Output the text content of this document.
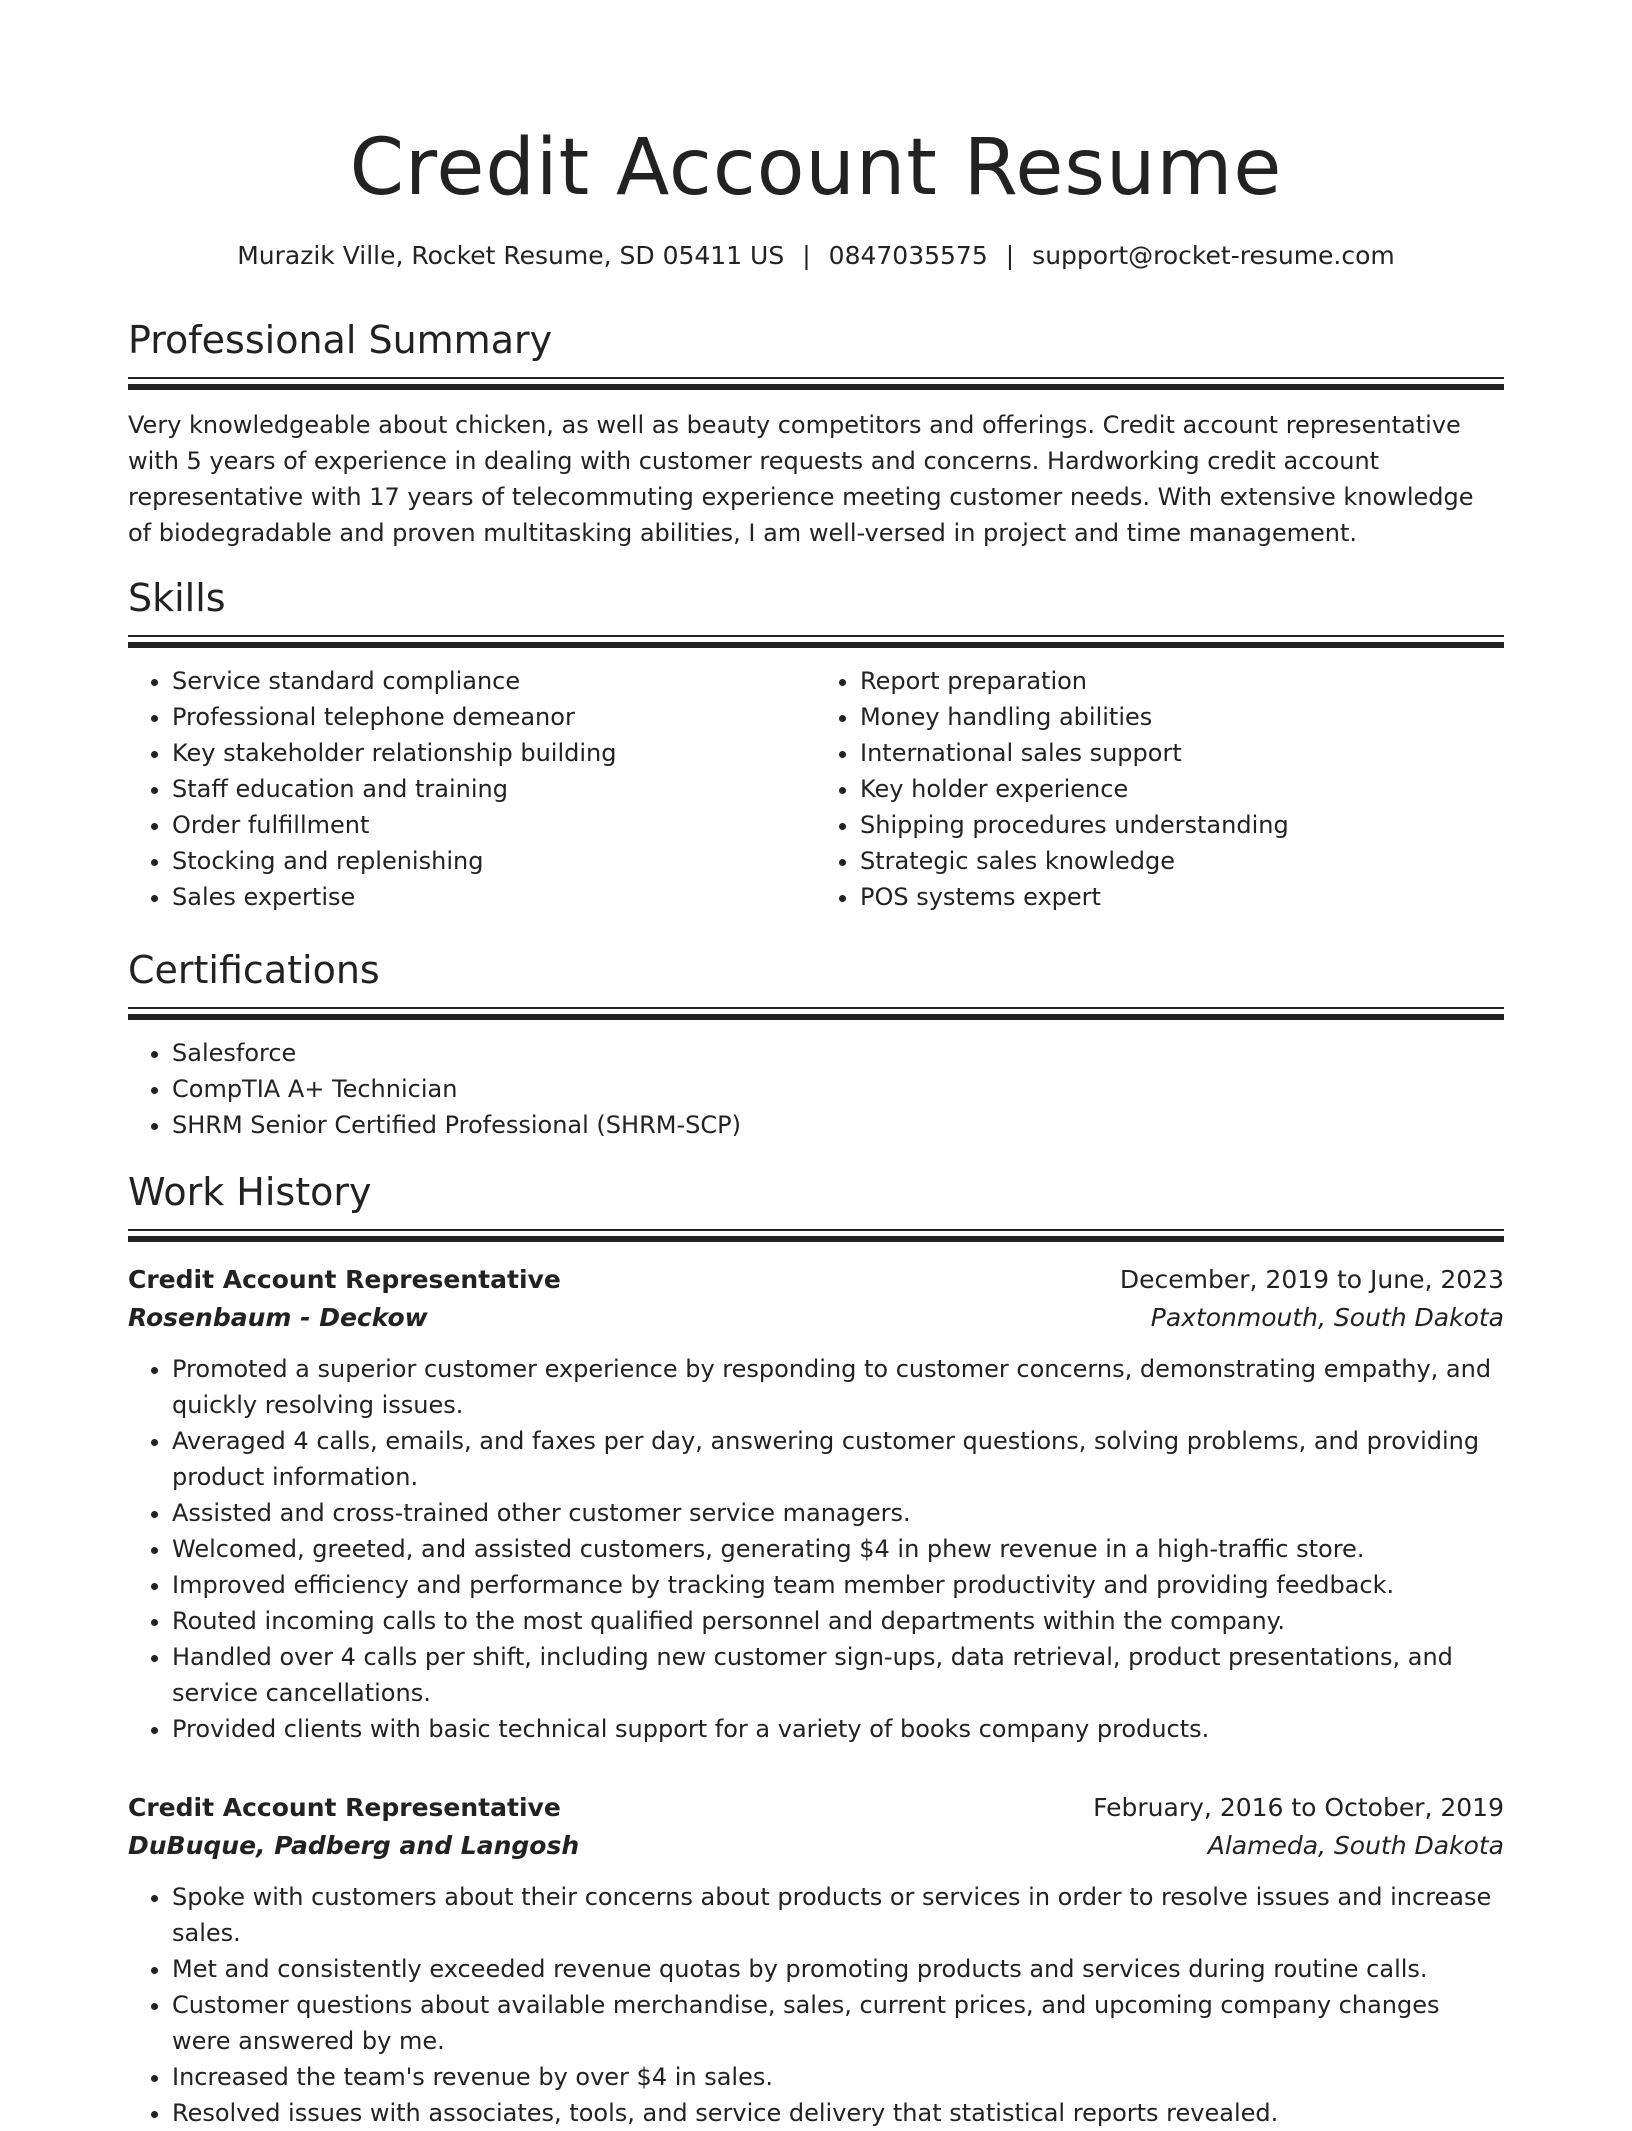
Credit Account Resume
Murazik Ville, Rocket Resume, SD 05411 US | 0847035575 | support@rocket-resume.com
Professional Summary

Very knowledgeable about chicken, as well as beauty competitors and offerings. Credit account representative with 5 years of experience in dealing with customer requests and concerns. Hardworking credit account representative with 17 years of telecommuting experience meeting customer needs. With extensive knowledge of biodegradable and proven multitasking abilities, I am well-versed in project and time management.

Skills
• Service standard compliance
• Professional telephone demeanor
• Key stakeholder relationship building
• Staff education and training
• Order fulfillment
• Stocking and replenishing
• Sales expertise
• Report preparation
• Money handling abilities
• International sales support
• Key holder experience
• Shipping procedures understanding
• Strategic sales knowledge
• POS systems expert
Certifications
• Salesforce
• CompTIA A+ Technician
• SHRM Senior Certified Professional (SHRM-SCP)
Work History
Credit Account Representative	December, 2019 to June, 2023
Rosenbaum - Deckow	Paxtonmouth, South Dakota
• Promoted a superior customer experience by responding to customer concerns, demonstrating empathy, and quickly resolving issues.
• Averaged 4 calls, emails, and faxes per day, answering customer questions, solving problems, and providing product information.
• Assisted and cross-trained other customer service managers.
• Welcomed, greeted, and assisted customers, generating $4 in phew revenue in a high-traffic store.
• Improved efficiency and performance by tracking team member productivity and providing feedback.
• Routed incoming calls to the most qualified personnel and departments within the company.
• Handled over 4 calls per shift, including new customer sign-ups, data retrieval, product presentations, and service cancellations.
• Provided clients with basic technical support for a variety of books company products.
Credit Account Representative	February, 2016 to October, 2019
DuBuque, Padberg and Langosh	Alameda, South Dakota
• Spoke with customers about their concerns about products or services in order to resolve issues and increase sales.
• Met and consistently exceeded revenue quotas by promoting products and services during routine calls.
• Customer questions about available merchandise, sales, current prices, and upcoming company changes were answered by me.
• Increased the team's revenue by over $4 in sales.
• Resolved issues with associates, tools, and service delivery that statistical reports revealed.
